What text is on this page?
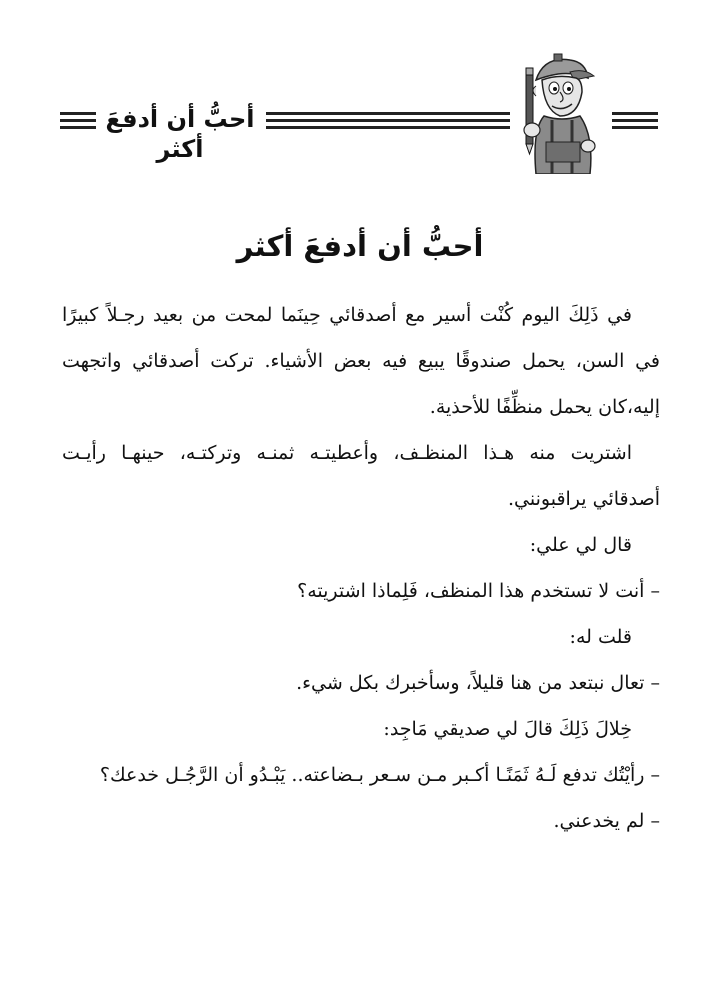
أحبُّ أن أدفعَ أكثر
أحبُّ أن أدفعَ أكثر

في ذَلِكَ اليوم كُنْت أسير مع أصدقائي حِينَما لمحت من بعيد رجـلاً كبيرًا في السن، يحمل صندوقًا يبيع فيه بعض الأشياء. تركت أصدقائي واتجهت إليه،كان يحمل منظِّفًا للأحذية.

اشتريت منه هـذا المنظـف، وأعطيتـه ثمنـه وتركتـه، حينهـا رأيـت أصدقائي يراقبونني.

قال لي علي:

– أنت لا تستخدم هذا المنظف، فَلِماذا اشتريته؟

قلت له:

– تعال نبتعد من هنا قليلاً، وسأخبرك بكل شيء.

خِلالَ ذَلِكَ قالَ لي صديقي مَاجِد:

– رأيْتُك تدفع لَـهُ ثَمَنًـا أكـبر مـن سـعر بـضاعته.. يَبْـدُو أن الرَّجُـل خدعك؟

– لم يخدعني.
